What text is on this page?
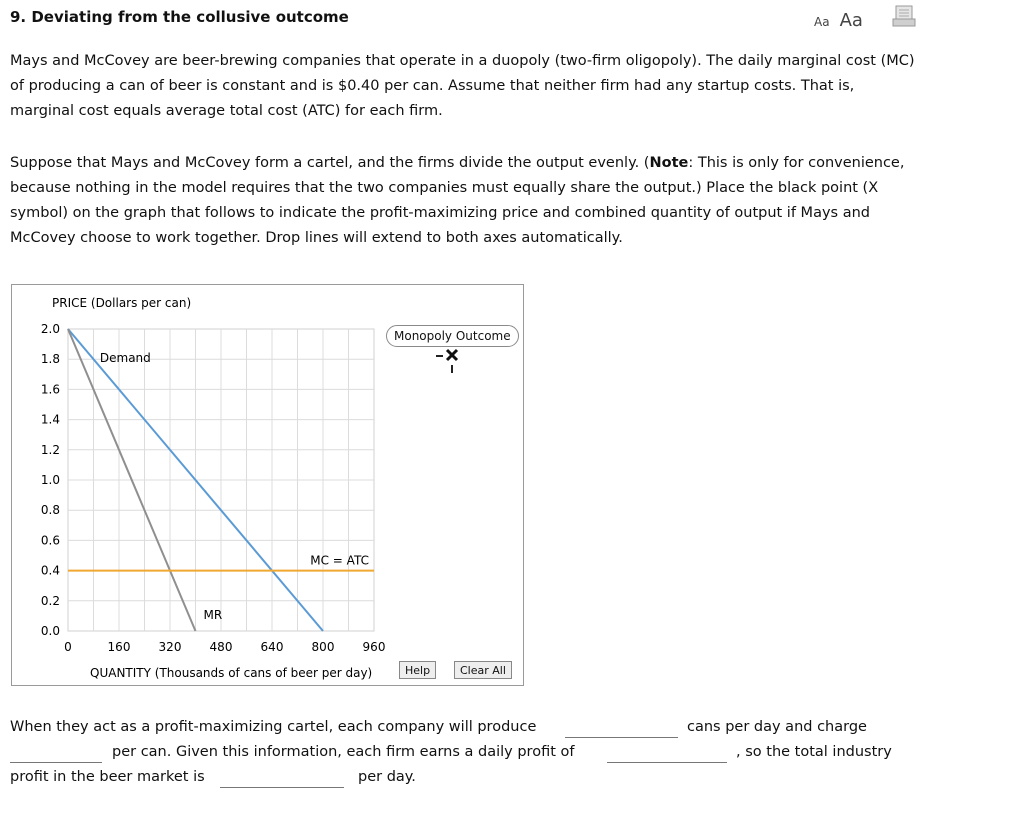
9. Deviating from the collusive outcome	Aa Aa
Mays and McCovey are beer-brewing companies that operate in a duopoly (two-firm oligopoly). The daily marginal cost (MC) of producing a can of beer is constant and is $0.40 per can. Assume that neither firm had any startup costs. That is, marginal cost equals average total cost (ATC) for each firm.
Suppose that Mays and McCovey form a cartel, and the firms divide the output evenly. (Note: This is only for convenience, because nothing in the model requires that the two companies must equally share the output.) Place the black point (X symbol) on the graph that follows to indicate the profit-maximizing price and combined quantity of output if Mays and McCovey choose to work together. Drop lines will extend to both axes automatically.
PRICE (Dollars per can)
QUANTITY (Thousands of cans of beer per day)
0.0
0.2
0.4
0.6
0.8
1.0
1.2
1.4
1.6
1.8
2.0
0	160 320 480 640 800 960
Demand
MR
MC = ATC
Monopoly Outcome
Help	Clear All
When they act as a profit-maximizing cartel, each company will produce	cans per day and charge
per can. Given this information, each firm earns a daily profit of	, so the total industry
profit in the beer market is	per day.
